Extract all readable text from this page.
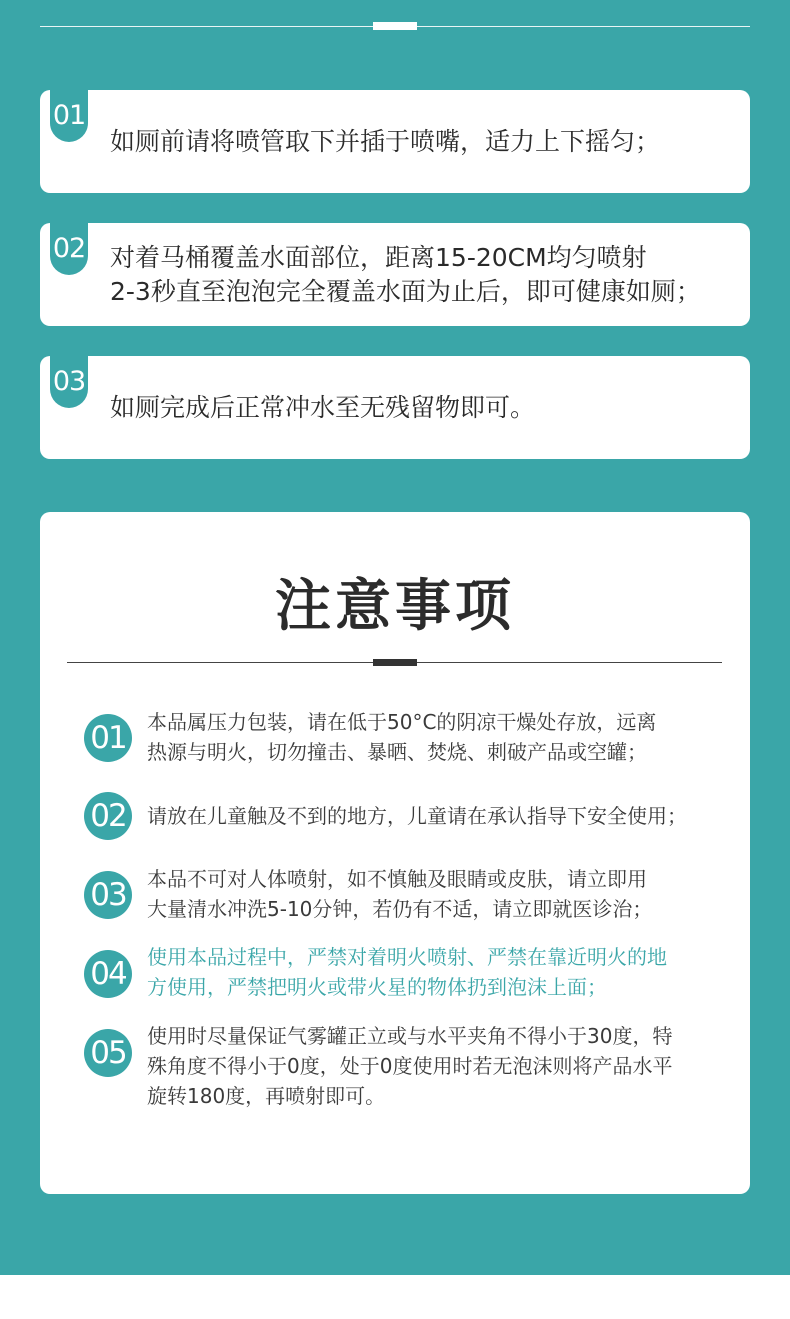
01
如厕前请将喷管取下并插于喷嘴，适力上下摇匀；
02 对着马桶覆盖水面部位，距离15-20CM均匀喷射
2-3秒直至泡泡完全覆盖水面为止后，即可健康如厕；
03
如厕完成后正常冲水至无残留物即可。
注意事项
01	本品属压力包装，请在低于50°C的阴凉干燥处存放，远离
热源与明火，切勿撞击、暴晒、焚烧、刺破产品或空罐；
02	请放在儿童触及不到的地方，儿童请在承认指导下安全使用；
03	本品不可对人体喷射，如不慎触及眼睛或皮肤，请立即用
大量清水冲洗5-10分钟，若仍有不适，请立即就医诊治；
04	使用本品过程中，严禁对着明火喷射、严禁在靠近明火的地
方使用，严禁把明火或带火星的物体扔到泡沫上面；
05	使用时尽量保证气雾罐正立或与水平夹角不得小于30度，特
殊角度不得小于0度，处于0度使用时若无泡沫则将产品水平
旋转180度，再喷射即可。
